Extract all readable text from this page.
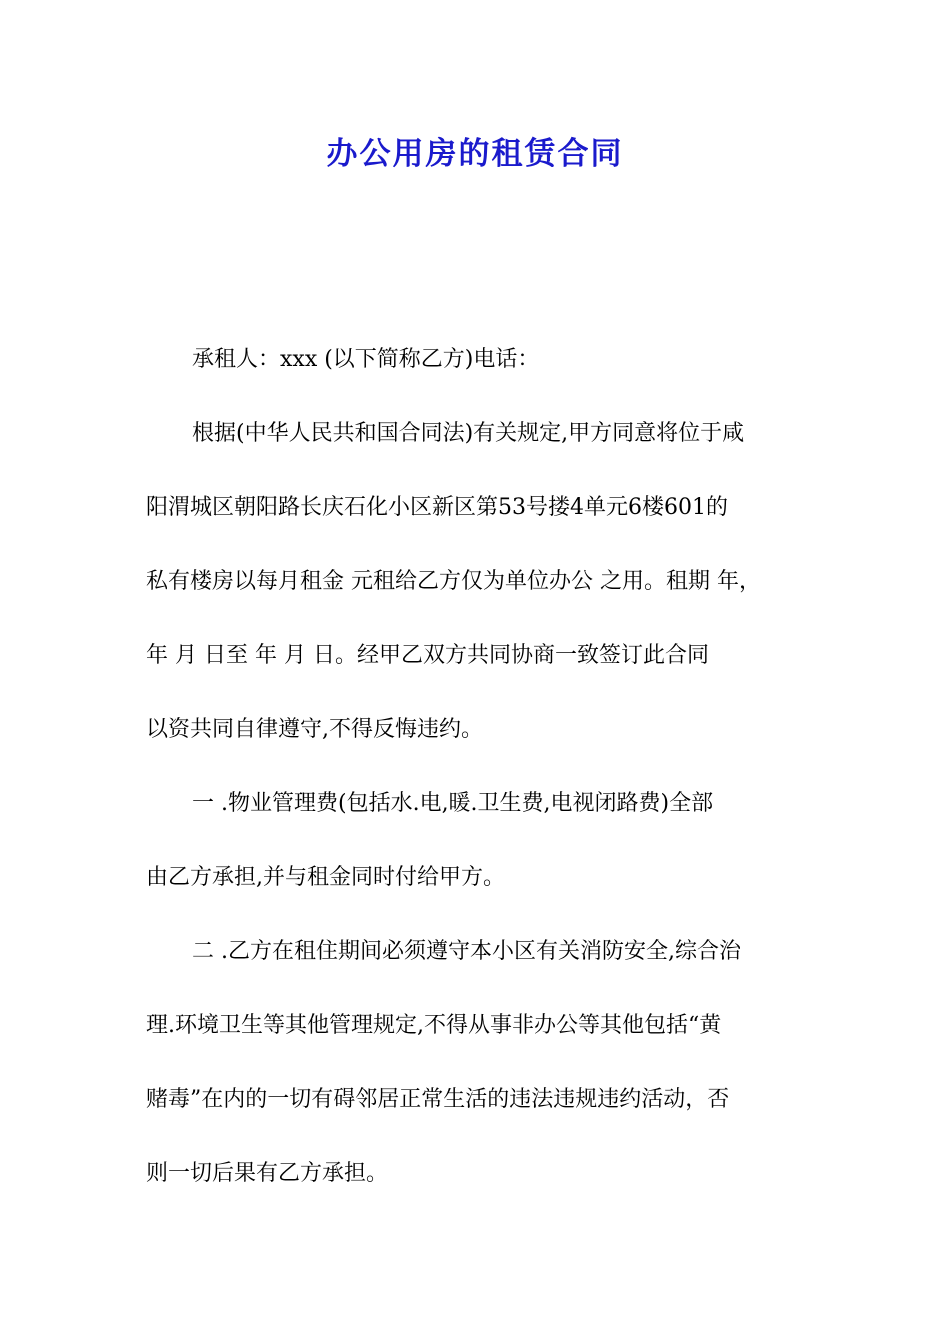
办公用房的租赁合同
承租人：xxx (以下简称乙方)电话：
根据(中华人民共和国合同法)有关规定,甲方同意将位于咸
阳渭城区朝阳路长庆石化小区新区第53号搂4单元6楼601的
私有楼房以每月租金 元租给乙方仅为单位办公 之用。租期 年，
年 月 日至 年 月 日。经甲乙双方共同协商一致签订此合同
以资共同自律遵守,不得反悔违约。
一 .物业管理费(包括水.电,暖.卫生费,电视闭路费)全部
由乙方承担,并与租金同时付给甲方。
二 .乙方在租住期间必须遵守本小区有关消防安全,综合治
理.环境卫生等其他管理规定,不得从事非办公等其他包括“黄
赌毒”在内的一切有碍邻居正常生活的违法违规违约活动，否
则一切后果有乙方承担。
